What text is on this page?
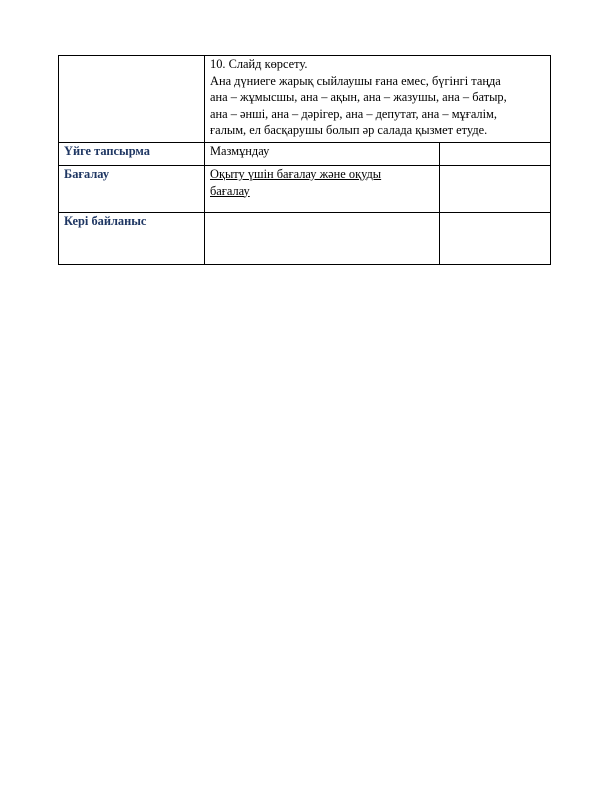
	10. Слайд көрсету.
Ана дүниеге жарық сыйлаушы ғана емес, бүгінгі таңда
ана – жұмысшы, ана – ақын, ана – жазушы, ана – батыр,
ана – әнші, ана – дәрігер, ана – депутат, ана – мұғалім,
ғалым, ел басқарушы болып әр салада қызмет етуде.	

Үйге тапсырма	Мазмұндау	
Бағалау	Оқыту үшін бағалау және оқуды
бағалау	

Кері байланыс		
